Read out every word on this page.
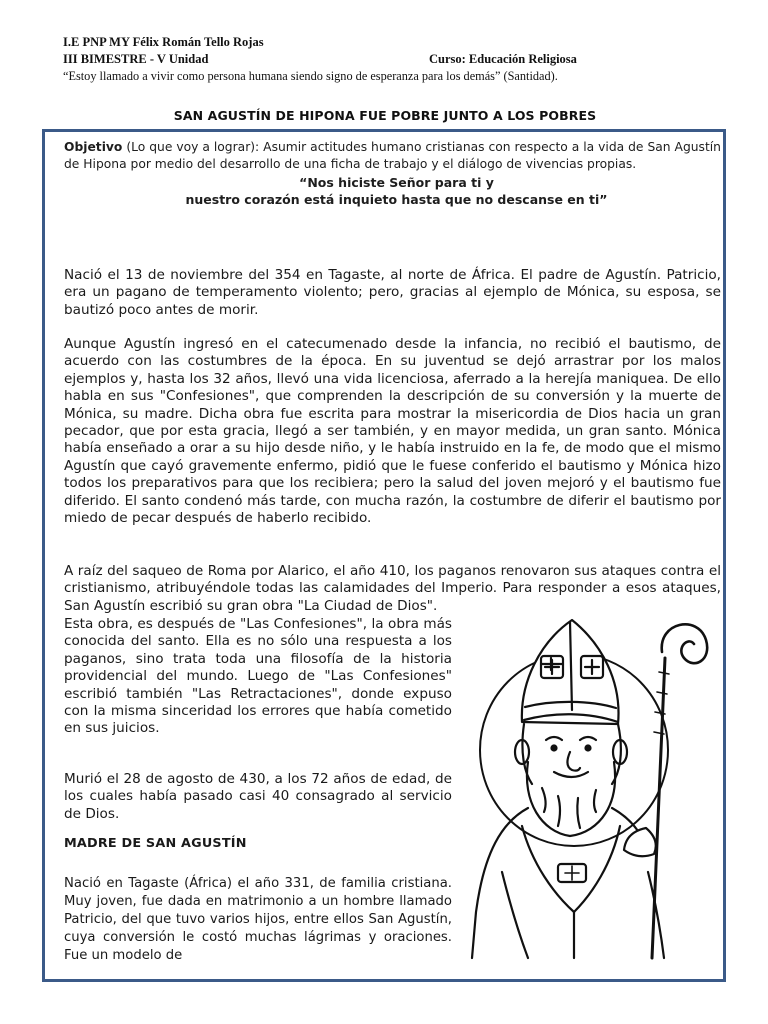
I.E PNP MY Félix Román Tello Rojas
III BIMESTRE - V Unidad	Curso: Educación Religiosa
“Estoy llamado a vivir como persona humana siendo signo de esperanza para los demás” (Santidad).
SAN AGUSTÍN DE HIPONA FUE POBRE JUNTO A LOS POBRES
Objetivo (Lo que voy a lograr): Asumir actitudes humano cristianas con respecto a la vida de San Agustín de Hipona por medio del desarrollo de una ficha de trabajo y el diálogo de vivencias propias.
“Nos hiciste Señor para ti y
nuestro corazón está inquieto hasta que no descanse en ti”

Nació el 13 de noviembre del 354 en Tagaste, al norte de África. El padre de Agustín. Patricio, era un pagano de temperamento violento; pero, gracias al ejemplo de Mónica, su esposa, se bautizó poco antes de morir.

Aunque Agustín ingresó en el catecumenado desde la infancia, no recibió el bautismo, de acuerdo con las costumbres de la época. En su juventud se dejó arrastrar por los malos ejemplos y, hasta los 32 años, llevó una vida licenciosa, aferrado a la herejía maniquea. De ello habla en sus "Confesiones", que comprenden la descripción de su conversión y la muerte de Mónica, su madre. Dicha obra fue escrita para mostrar la misericordia de Dios hacia un gran pecador, que por esta gracia, llegó a ser también, y en mayor medida, un gran santo. Mónica había enseñado a orar a su hijo desde niño, y le había instruido en la fe, de modo que el mismo Agustín que cayó gravemente enfermo, pidió que le fuese conferido el bautismo y Mónica hizo todos los preparativos para que los recibiera; pero la salud del joven mejoró y el bautismo fue diferido. El santo condenó más tarde, con mucha razón, la costumbre de diferir el bautismo por miedo de pecar después de haberlo recibido.

A raíz del saqueo de Roma por Alarico, el año 410, los paganos renovaron sus ataques contra el cristianismo, atribuyéndole todas las calamidades del Imperio. Para responder a esos ataques, San Agustín escribió su gran obra "La Ciudad de Dios".

Esta obra, es después de "Las Confesiones", la obra más conocida del santo. Ella es no sólo una respuesta a los paganos, sino trata toda una filosofía de la historia providencial del mundo. Luego de "Las Confesiones" escribió también "Las Retractaciones", donde expuso con la misma sinceridad los errores que había cometido en sus juicios.

Murió el 28 de agosto de 430, a los 72 años de edad, de los cuales había pasado casi 40 consagrado al servicio de Dios.

MADRE DE SAN AGUSTÍN

Nació en Tagaste (África) el año 331, de familia cristiana. Muy joven, fue dada en matrimonio a un hombre llamado Patricio, del que tuvo varios hijos, entre ellos San Agustín, cuya conversión le costó muchas lágrimas y oraciones. Fue un modelo de
